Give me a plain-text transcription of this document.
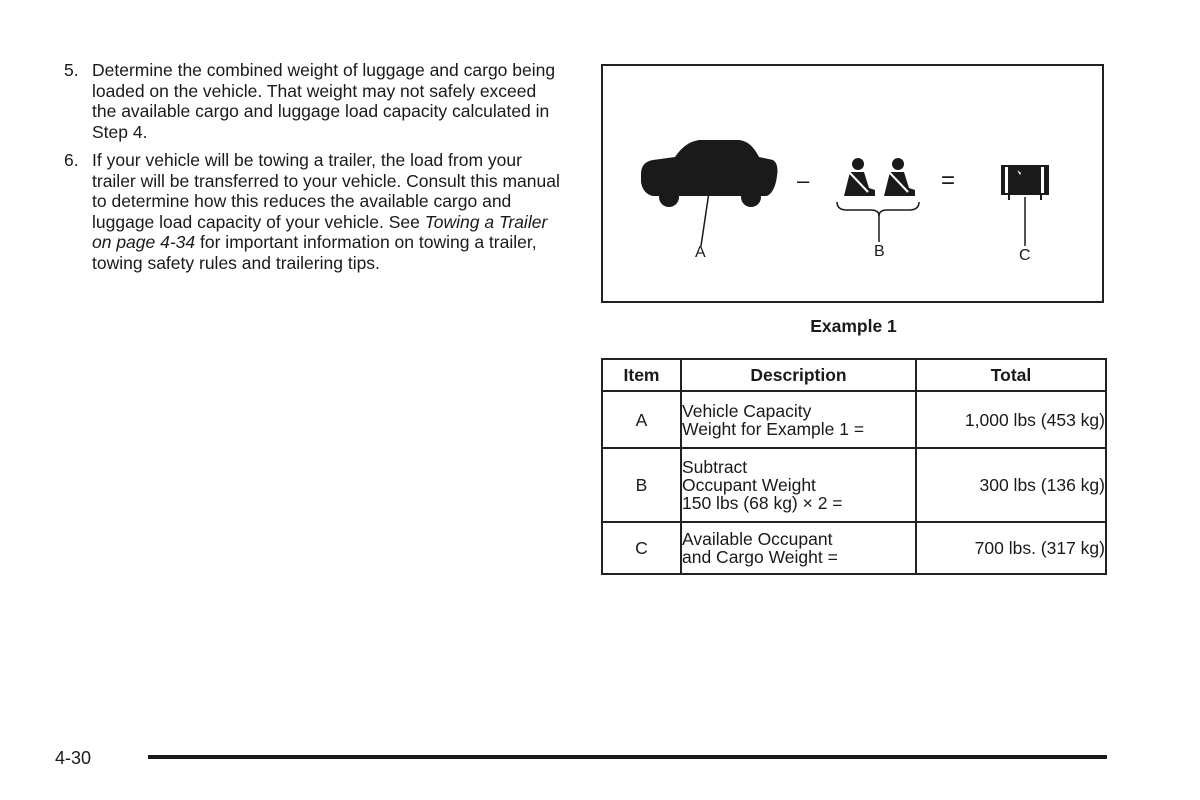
5. Determine the combined weight of luggage and cargo being loaded on the vehicle. That weight may not safely exceed the available cargo and luggage load capacity calculated in Step 4.
6. If your vehicle will be towing a trailer, the load from your trailer will be transferred to your vehicle. Consult this manual to determine how this reduces the available cargo and luggage load capacity of your vehicle. See Towing a Trailer on page 4-34 for important information on towing a trailer, towing safety rules and trailering tips.	A
–
B
=
C
Example 1
Item	Description	Total
A	Vehicle Capacity
Weight for Example 1 =	1,000 lbs (453 kg)
B	Subtract
Occupant Weight
150 lbs (68 kg) × 2 =	300 lbs (136 kg)
C	Available Occupant
and Cargo Weight =	700 lbs. (317 kg)
4-30
